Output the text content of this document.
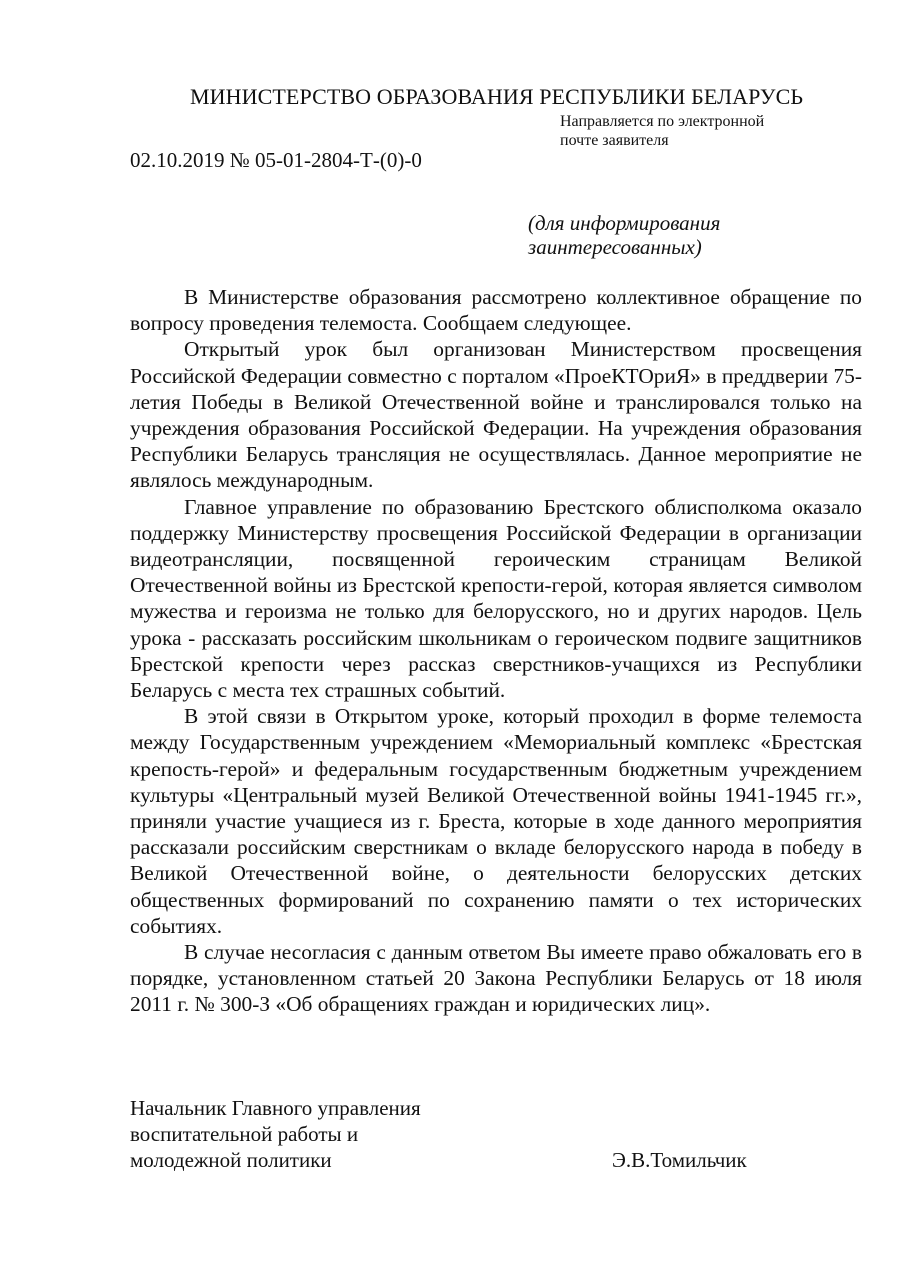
МИНИСТЕРСТВО ОБРАЗОВАНИЯ РЕСПУБЛИКИ БЕЛАРУСЬ
Направляется по электронной
почте заявителя
02.10.2019 № 05-01-2804-Т-(0)-0
(для информирования
заинтересованных)

В Министерстве образования рассмотрено коллективное обращение по вопросу проведения телемоста. Сообщаем следующее.

Открытый урок был организован Министерством просвещения Российской Федерации совместно с порталом «ПроеКТОриЯ» в преддверии 75-летия Победы в Великой Отечественной войне и транслировался только на учреждения образования Российской Федерации. На учреждения образования Республики Беларусь трансляция не осуществлялась. Данное мероприятие не являлось международным.

Главное управление по образованию Брестского облисполкома оказало поддержку Министерству просвещения Российской Федерации в организации видеотрансляции, посвященной героическим страницам Великой Отечественной войны из Брестской крепости-герой, которая является символом мужества и героизма не только для белорусского, но и других народов. Цель урока - рассказать российским школьникам о героическом подвиге защитников Брестской крепости через рассказ сверстников-учащихся из Республики Беларусь с места тех страшных событий.

В этой связи в Открытом уроке, который проходил в форме телемоста между Государственным учреждением «Мемориальный комплекс «Брестская крепость-герой» и федеральным государственным бюджетным учреждением культуры «Центральный музей Великой Отечественной войны 1941-1945 гг.», приняли участие учащиеся из г. Бреста, которые в ходе данного мероприятия рассказали российским сверстникам о вкладе белорусского народа в победу в Великой Отечественной войне, о деятельности белорусских детских общественных формирований по сохранению памяти о тех исторических событиях.

В случае несогласия с данным ответом Вы имеете право обжаловать его в порядке, установленном статьей 20 Закона Республики Беларусь от 18 июля 2011 г. № 300-З «Об обращениях граждан и юридических лиц».

Начальник Главного управления
воспитательной работы и
молодежной политики	Э.В.Томильчик
